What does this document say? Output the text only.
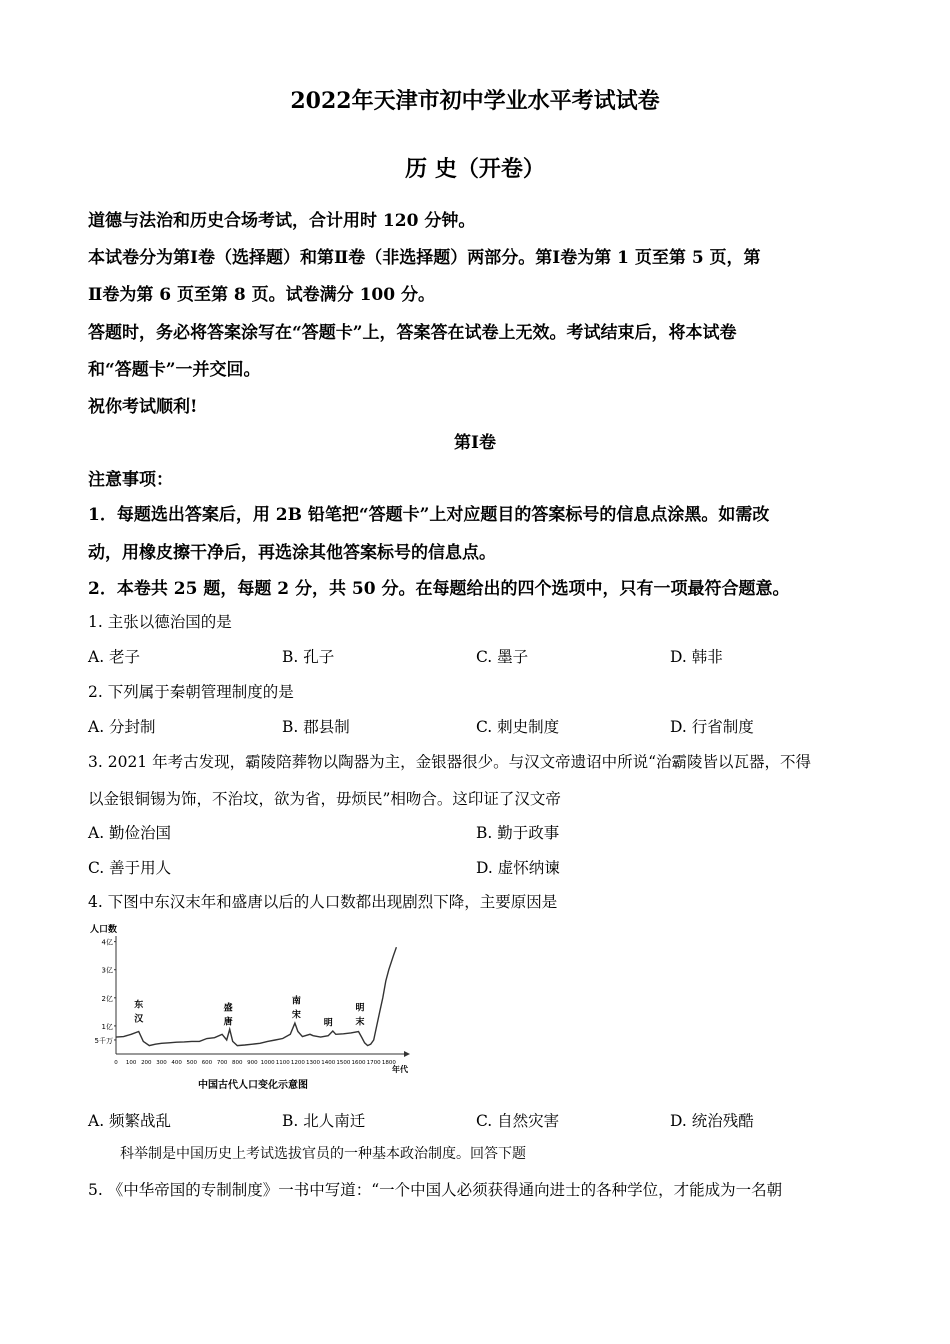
2022年天津市初中学业水平考试试卷
历 史（开卷）
道德与法治和历史合场考试，合计用时 120 分钟。
本试卷分为第Ⅰ卷（选择题）和第Ⅱ卷（非选择题）两部分。第Ⅰ卷为第 1 页至第 5 页，第
Ⅱ卷为第 6 页至第 8 页。试卷满分 100 分。
答题时，务必将答案涂写在“答题卡”上，答案答在试卷上无效。考试结束后，将本试卷
和“答题卡”一并交回。
祝你考试顺利!
第Ⅰ卷
注意事项：
1．每题选出答案后，用 2B 铅笔把“答题卡”上对应题目的答案标号的信息点涂黑。如需改
动，用橡皮擦干净后，再选涂其他答案标号的信息点。
2．本卷共 25 题，每题 2 分，共 50 分。在每题给出的四个选项中，只有一项最符合题意。
1. 主张以德治国的是
A. 老子	B. 孔子	C. 墨子	D. 韩非
2. 下列属于秦朝管理制度的是
A. 分封制	B. 郡县制	C. 刺史制度	D. 行省制度
3. 2021 年考古发现，霸陵陪葬物以陶器为主，金银器很少。与汉文帝遗诏中所说“治霸陵皆以瓦器，不得
以金银铜锡为饰，不治坟，欲为省，毋烦民”相吻合。这印证了汉文帝
A. 勤俭治国	B. 勤于政事
C. 善于用人	D. 虚怀纳谏
4. 下图中东汉末年和盛唐以后的人口数都出现剧烈下降，主要原因是
人口数
5千万
1亿
2亿
3亿
4亿
0 100 200 300 400 500 600 700 800 900 1000 1100 1200 1300 1400 1500 1600 1700 1800
年代
东汉
盛唐
南宋
明
明末
中国古代人口变化示意图
A. 频繁战乱	B. 北人南迁	C. 自然灾害	D. 统治残酷
科举制是中国历史上考试选拔官员的一种基本政治制度。回答下题
5. 《中华帝国的专制制度》一书中写道：“一个中国人必须获得通向进士的各种学位，才能成为一名朝
